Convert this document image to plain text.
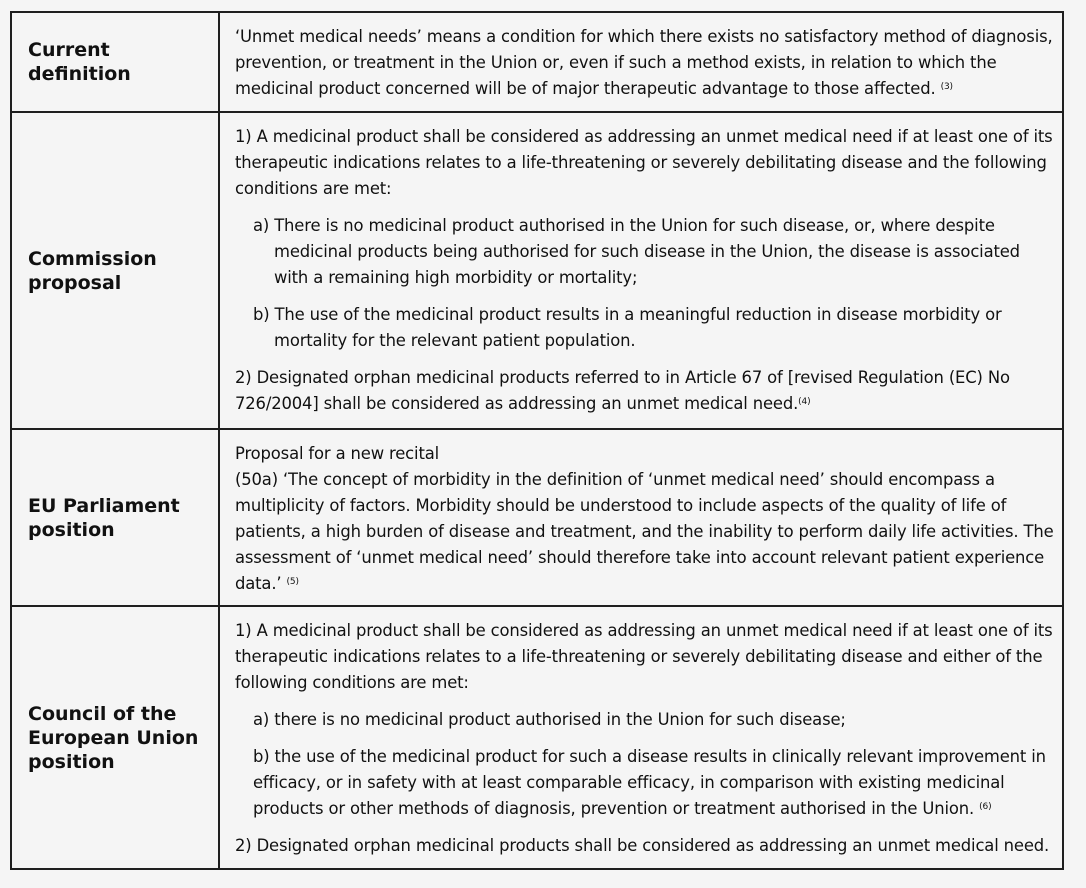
Current definition

‘Unmet medical needs’ means a condition for which there exists no satisfactory method of diagnosis, prevention, or treatment in the Union or, even if such a method exists, in relation to which the medicinal product concerned will be of major therapeutic advantage to those affected. $^{(3)}$

Commission proposal

1) A medicinal product shall be considered as addressing an unmet medical need if at least one of its therapeutic indications relates to a life-threatening or severely debilitating disease and the following conditions are met:

a) There is no medicinal product authorised in the Union for such disease, or, where despite medicinal products being authorised for such disease in the Union, the disease is associated with a remaining high morbidity or mortality;

b) The use of the medicinal product results in a meaningful reduction in disease morbidity or mortality for the relevant patient population.

2) Designated orphan medicinal products referred to in Article 67 of [revised Regulation (EC) No 726/2004] shall be considered as addressing an unmet medical need.$^{(4)}$

EU Parliament position

Proposal for a new recital

(50a) ‘The concept of morbidity in the definition of ‘unmet medical need’ should encompass a multiplicity of factors. Morbidity should be understood to include aspects of the quality of life of patients, a high burden of disease and treatment, and the inability to perform daily life activities. The assessment of ‘unmet medical need’ should therefore take into account relevant patient experience data.’ $^{(5)}$

Council of the European Union position

1) A medicinal product shall be considered as addressing an unmet medical need if at least one of its therapeutic indications relates to a life-threatening or severely debilitating disease and either of the following conditions are met:

a) there is no medicinal product authorised in the Union for such disease;

b) the use of the medicinal product for such a disease results in clinically relevant improvement in efficacy, or in safety with at least comparable efficacy, in comparison with existing medicinal products or other methods of diagnosis, prevention or treatment authorised in the Union. $^{(6)}$

2) Designated orphan medicinal products shall be considered as addressing an unmet medical need.
